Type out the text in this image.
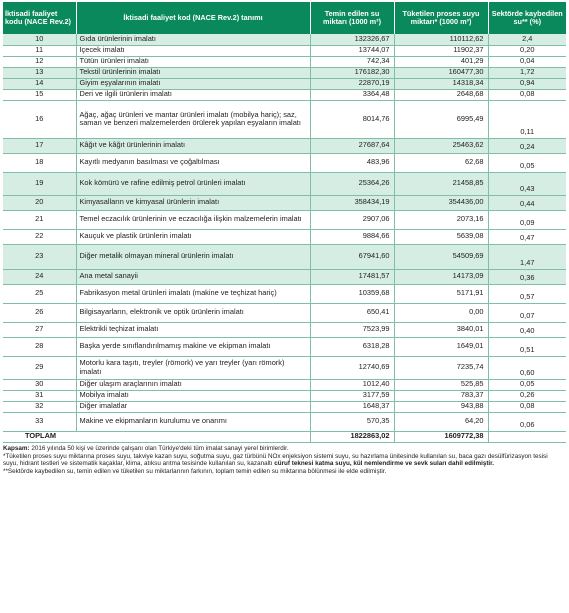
İktisadi faaliyet kodu (NACE Rev.2)	İktisadi faaliyet kod (NACE Rev.2) tanımı	Temin edilen su miktarı (1000 m³)	Tüketilen proses suyu miktarı* (1000 m³)	Sektörde kaybedilen su** (%)
10	Gıda ürünlerinin imalatı	132326,67	110112,62	2,4
11	İçecek imalatı	13744,07	11902,37	0,20
12	Tütün ürünleri imalatı	742,34	401,29	0,04
13	Tekstil ürünlerinin imalatı	176182,30	160477,30	1,72
14	Giyim eşyalarının imalatı	22870,19	14318,34	0,94
15	Deri ve ilgili ürünlerin imalatı	3364,48	2648,68	0,08
16	Ağaç, ağaç ürünleri ve mantar ürünleri imalatı (mobilya hariç); saz, saman ve benzeri malzemelerden örülerek yapılan eşyaların imalatı	8014,76	6995,49	0,11
17	Kâğıt ve kâğıt ürünlerinin imalatı	27687,64	25463,62	0,24
18	Kayıtlı medyanın basılması ve çoğaltılması	483,96	62,68	0,05
19	Kok kömürü ve rafine edilmiş petrol ürünleri imalatı	25364,26	21458,85	0,43
20	Kimyasalların ve kimyasal ürünlerin imalatı	358434,19	354436,00	0,44
21	Temel eczacılık ürünlerinin ve eczacılığa ilişkin malzemelerin imalatı	2907,06	2073,16	0,09
22	Kauçuk ve plastik ürünlerin imalatı	9884,66	5639,08	0,47
23	Diğer metalik olmayan mineral ürünlerin imalatı	67941,60	54509,69	1,47
24	Ana metal sanayii	17481,57	14173,09	0,36
25	Fabrikasyon metal ürünleri imalatı (makine ve teçhizat hariç)	10359,68	5171,91	0,57
26	Bilgisayarların, elektronik ve optik ürünlerin imalatı	650,41	0,00	0,07
27	Elektrikli teçhizat imalatı	7523,99	3840,01	0,40
28	Başka yerde sınıflandırılmamış makine ve ekipman imalatı	6318,28	1649,01	0,51
29	Motorlu kara taşıtı, treyler (römork) ve yarı treyler (yarı römork) imalatı	12740,69	7235,74	0,60
30	Diğer ulaşım araçlarının imalatı	1012,40	525,85	0,05
31	Mobilya imalatı	3177,59	783,37	0,26
32	Diğer imalatlar	1648,37	943,88	0,08
33	Makine ve ekipmanların kurulumu ve onarımı	570,35	64,20	0,06
TOPLAM		1822863,02	1609772,38	

Kapsam: 2016 yılında 50 kişi ve üzerinde çalışanı olan Türkiye'deki tüm imalat sanayi yerel birimlerdir.

*Tüketilen proses suyu miktarına proses suyu, takviye kazan suyu, soğutma suyu, gaz türbünü NOx enjeksiyon sistemi suyu, su hazırlama ünitesinde kullanılan su, baca gazı desülfürizasyon tesisi suyu, hidrant testleri ve sistematik kaçaklar, klima, atıksu arıtma tesisinde kullanılan su, kazanaltı cüruf teknesi katma suyu, kül nemlendirme ve sevk suları dahil edilmiştir.

**Sektörde kaybedilen su, temin edilen ve tüketilen su miktarlarının farkının, toplam temin edilen su miktarına bölünmesi ile elde edilmiştir.
